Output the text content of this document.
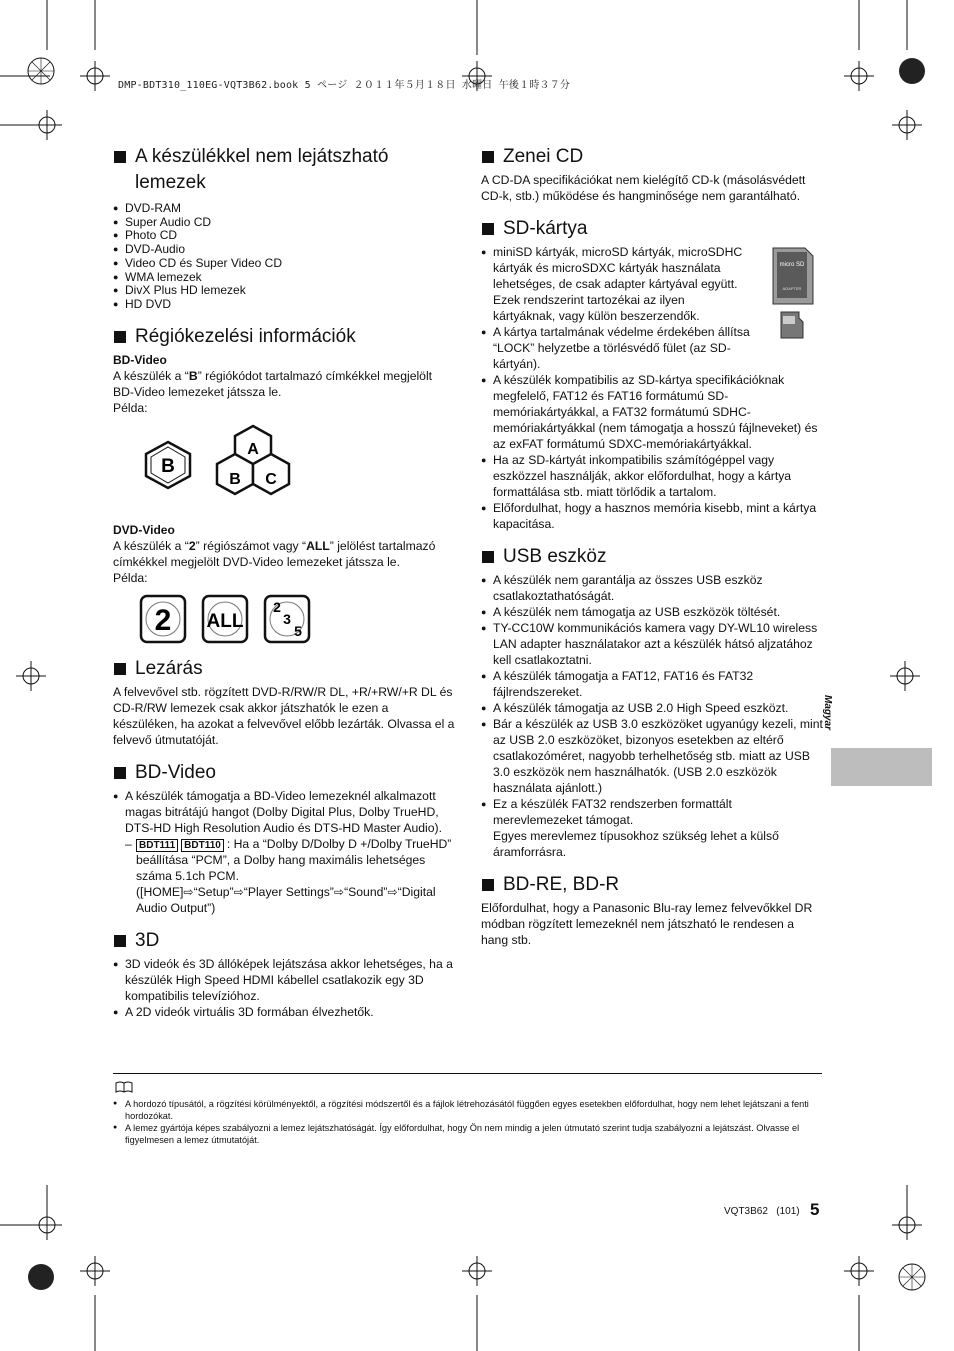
DMP-BDT310_110EG-VQT3B62.book 5 ページ ２０１１年５月１８日 水曜日 午後１時３７分
A készülékkel nem lejátszható lemezek
● DVD-RAM
● Super Audio CD
● Photo CD
● DVD-Audio
● Video CD és Super Video CD
● WMA lemezek
● DivX Plus HD lemezek
● HD DVD
Régiókezelési információk
BD-Video

A készülék a “B” régiókódot tartalmazó címkékkel megjelölt BD-Video lemezeket játssza le.

Példa:

B
A
B C
DVD-Video

A készülék a “2” régiószámot vagy “ALL” jelölést tartalmazó címkékkel megjelölt DVD-Video lemezeket játssza le.

Példa:

2 ALL
2
3
5
Lezárás

A felvevővel stb. rögzített DVD-R/RW/R DL, +R/+RW/+R DL és CD-R/RW lemezek csak akkor játszhatók le ezen a készüléken, ha azokat a felvevővel előbb lezárták. Olvassa el a felvevő útmutatóját.

BD-Video
● A készülék támogatja a BD-Video lemezeknél alkalmazott magas bitrátájú hangot (Dolby Digital Plus, Dolby TrueHD, DTS-HD High Resolution Audio és DTS-HD Master Audio).
– BDT111 BDT110 : Ha a “Dolby D/Dolby D +/Dolby TrueHD” beállítása “PCM”, a Dolby hang maximális lehetséges száma 5.1ch PCM.
([HOME]⇨“Setup”⇨“Player Settings”⇨“Sound”⇨“Digital Audio Output”)
3D
● 3D videók és 3D állóképek lejátszása akkor lehetséges, ha a készülék High Speed HDMI kábellel csatlakozik egy 3D kompatibilis televízióhoz.
● A 2D videók virtuális 3D formában élvezhetők.
Zenei CD

A CD-DA specifikációkat nem kielégítő CD-k (másolásvédett CD-k, stb.) működése és hangminősége nem garantálható.

SD-kártya
micro SD
ADAPTER
● miniSD kártyák, microSD kártyák, microSDHC kártyák és microSDXC kártyák használata lehetséges, de csak adapter kártyával együtt. Ezek rendszerint tartozékai az ilyen kártyáknak, vagy külön beszerzendők.
● A kártya tartalmának védelme érdekében állítsa “LOCK” helyzetbe a törlésvédő fület (az SD-kártyán).
● A készülék kompatibilis az SD-kártya specifikációknak megfelelő, FAT12 és FAT16 formátumú SD-memóriakártyákkal, a FAT32 formátumú SDHC-memóriakártyákkal (nem támogatja a hosszú fájlneveket) és az exFAT formátumú SDXC-memóriakártyákkal.
● Ha az SD-kártyát inkompatibilis számítógéppel vagy eszközzel használják, akkor előfordulhat, hogy a kártya formattálása stb. miatt törlődik a tartalom.
● Előfordulhat, hogy a hasznos memória kisebb, mint a kártya kapacitása.
USB eszköz
● A készülék nem garantálja az összes USB eszköz csatlakoztathatóságát.
● A készülék nem támogatja az USB eszközök töltését.
● TY-CC10W kommunikációs kamera vagy DY-WL10 wireless LAN adapter használatakor azt a készülék hátsó aljzatához kell csatlakoztatni.
● A készülék támogatja a FAT12, FAT16 és FAT32 fájlrendszereket.
● A készülék támogatja az USB 2.0 High Speed eszközt.
● Bár a készülék az USB 3.0 eszközöket ugyanúgy kezeli, mint az USB 2.0 eszközöket, bizonyos esetekben az eltérő csatlakozóméret, nagyobb terhelhetőség stb. miatt az USB 3.0 eszközök nem használhatók. (USB 2.0 eszközök használata ajánlott.)
● Ez a készülék FAT32 rendszerben formattált merevlemezeket támogat.

Egyes merevlemez típusokhoz szükség lehet a külső áramforrásra.

BD-RE, BD-R

Előfordulhat, hogy a Panasonic Blu-ray lemez felvevőkkel DR módban rögzített lemezeknél nem játszható le rendesen a hang stb.

Magyar
● A hordozó típusától, a rögzítési körülményektől, a rögzítési módszertől és a fájlok létrehozásától függően egyes esetekben előfordulhat, hogy nem lehet lejátszani a fenti hordozókat.
● A lemez gyártója képes szabályozni a lemez lejátszhatóságát. Így előfordulhat, hogy Ön nem mindig a jelen útmutató szerint tudja szabályozni a lejátszást. Olvasse el figyelmesen a lemez útmutatóját.
VQT3B62   (101) 5
